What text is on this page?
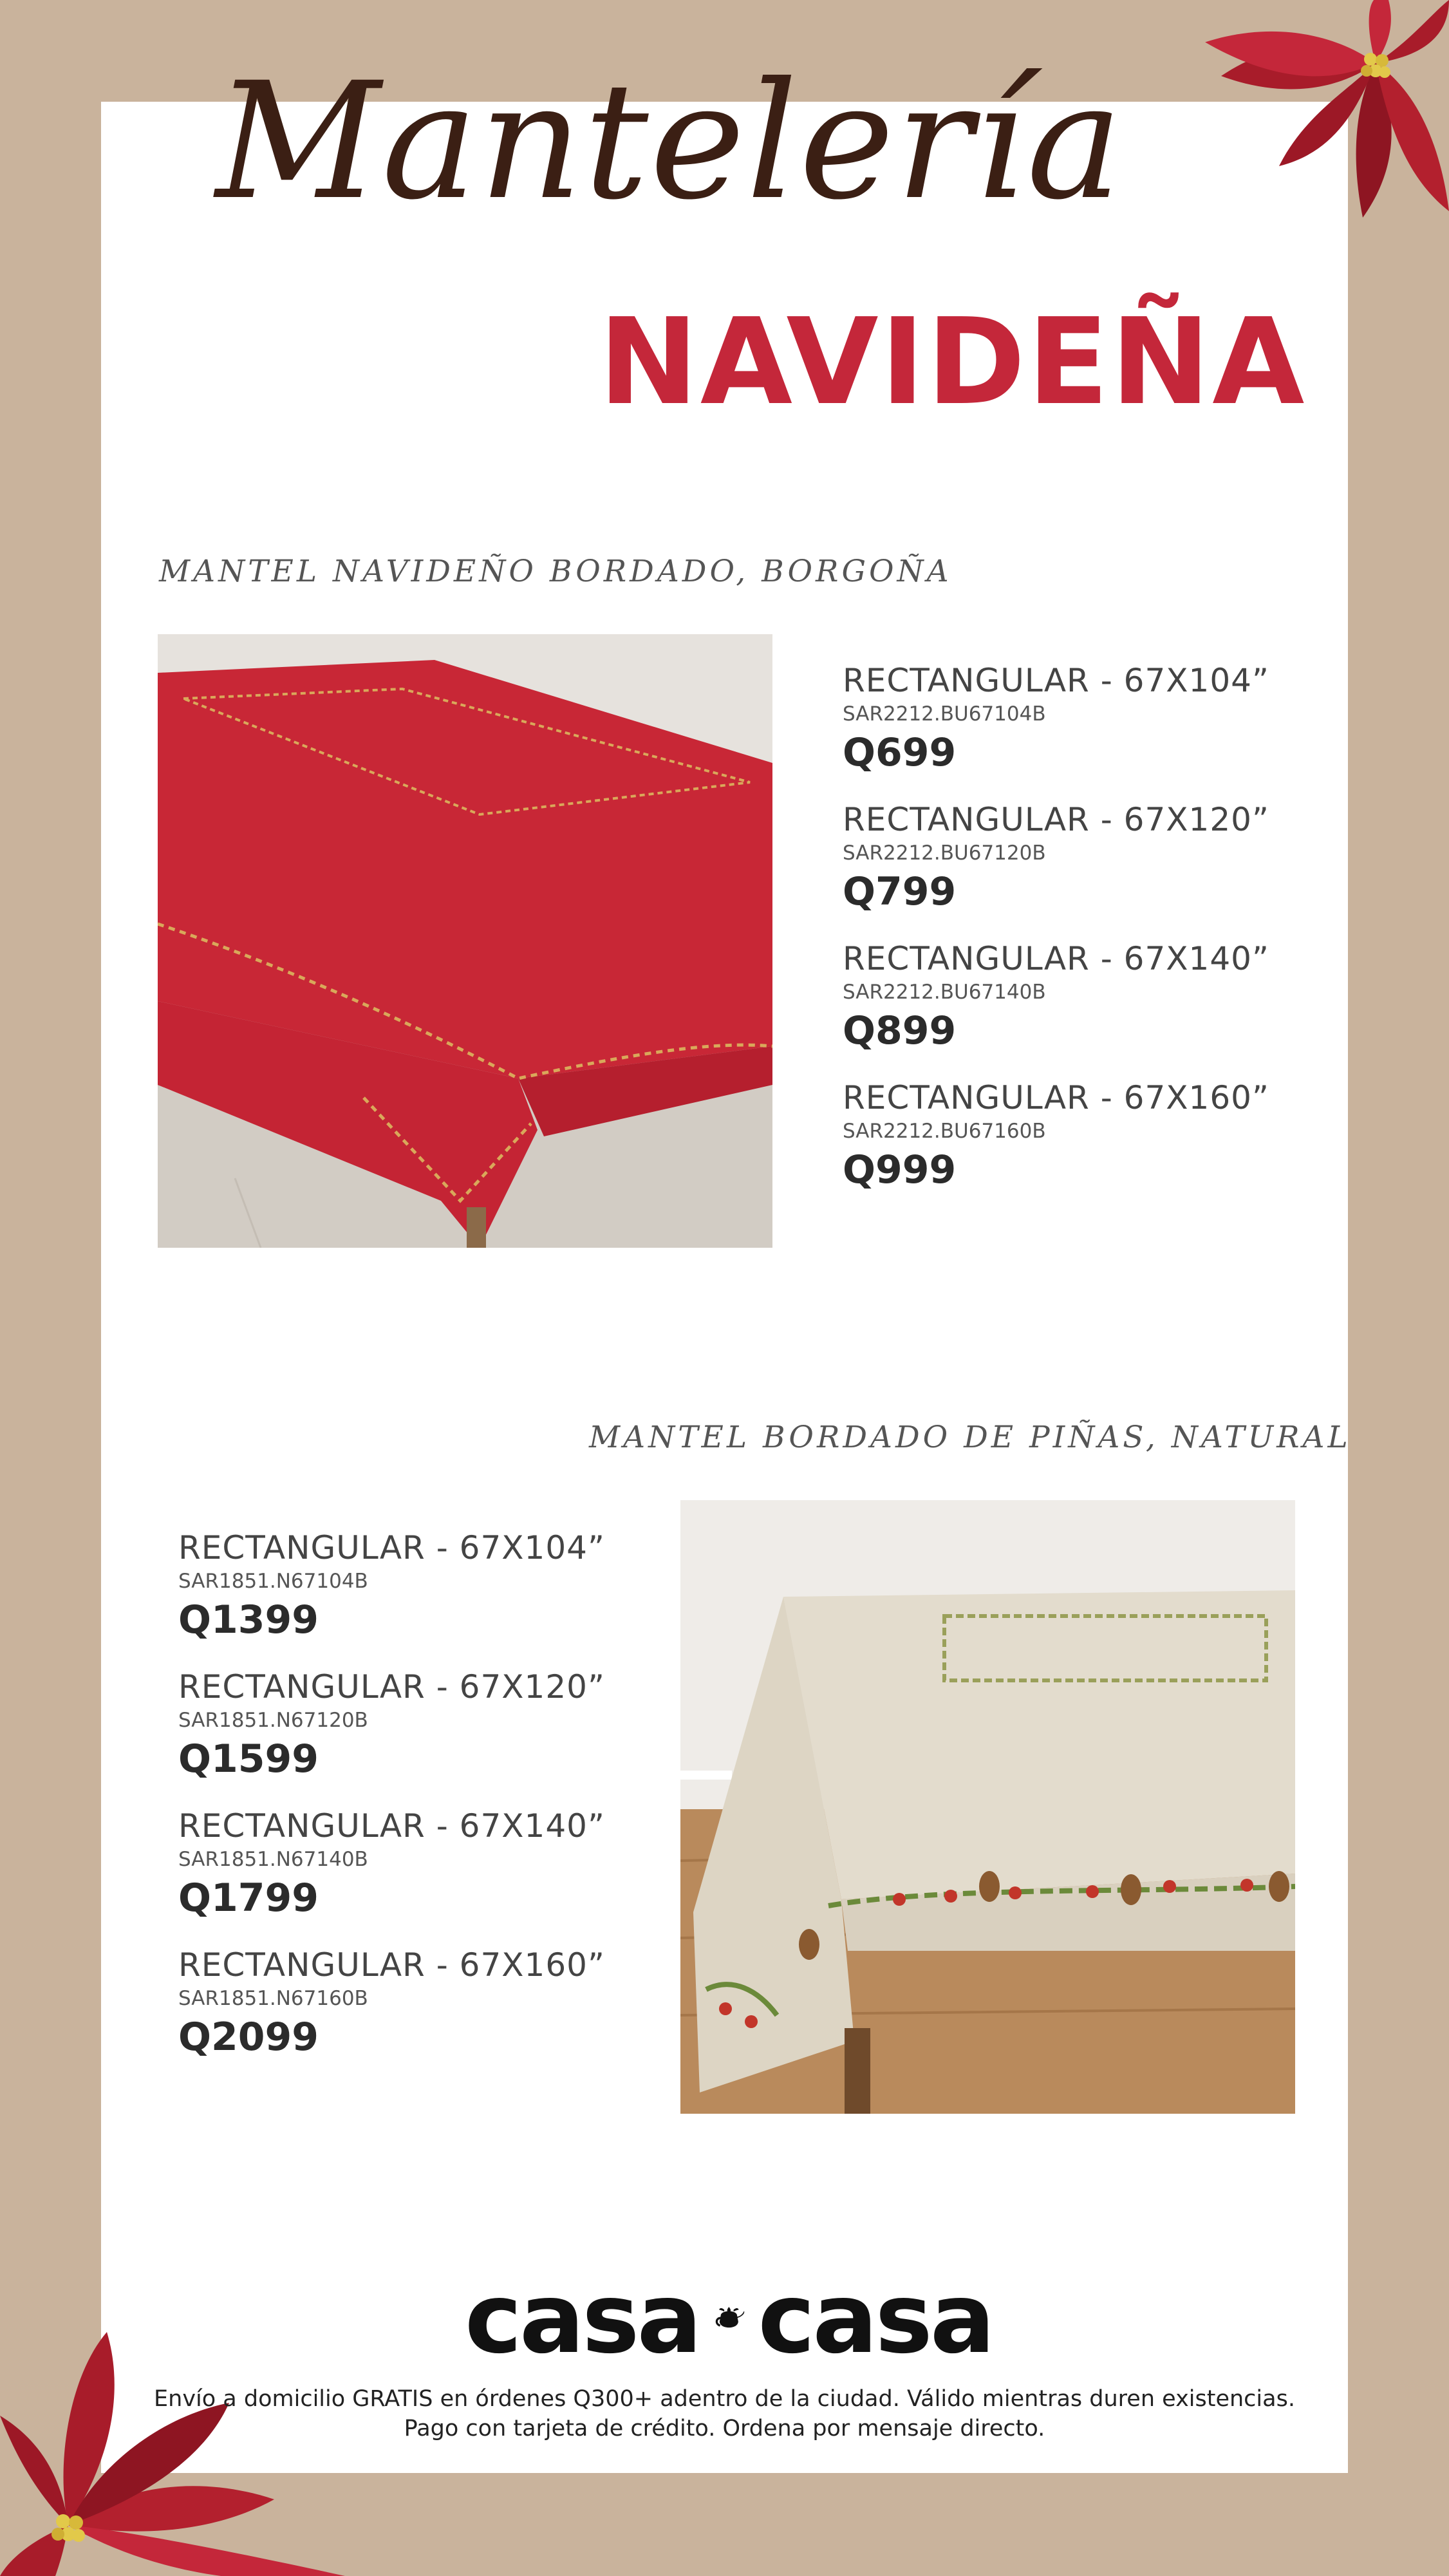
Mantelería
NAVIDEÑA
MANTEL NAVIDEÑO BORDADO, BORGOÑA
RECTANGULAR - 67X104”
SAR2212.BU67104B
Q699
RECTANGULAR - 67X120”
SAR2212.BU67120B
Q799
RECTANGULAR - 67X140”
SAR2212.BU67140B
Q899
RECTANGULAR - 67X160”
SAR2212.BU67160B
Q999
MANTEL BORDADO DE PIÑAS, NATURAL
RECTANGULAR - 67X104”
SAR1851.N67104B
Q1399
RECTANGULAR - 67X120”
SAR1851.N67120B
Q1599
RECTANGULAR - 67X140”
SAR1851.N67140B
Q1799
RECTANGULAR - 67X160”
SAR1851.N67160B
Q2099
casa casa
Envío a domicilio GRATIS en órdenes Q300+ adentro de la ciudad. Válido mientras duren existencias.
Pago con tarjeta de crédito. Ordena por mensaje directo.
